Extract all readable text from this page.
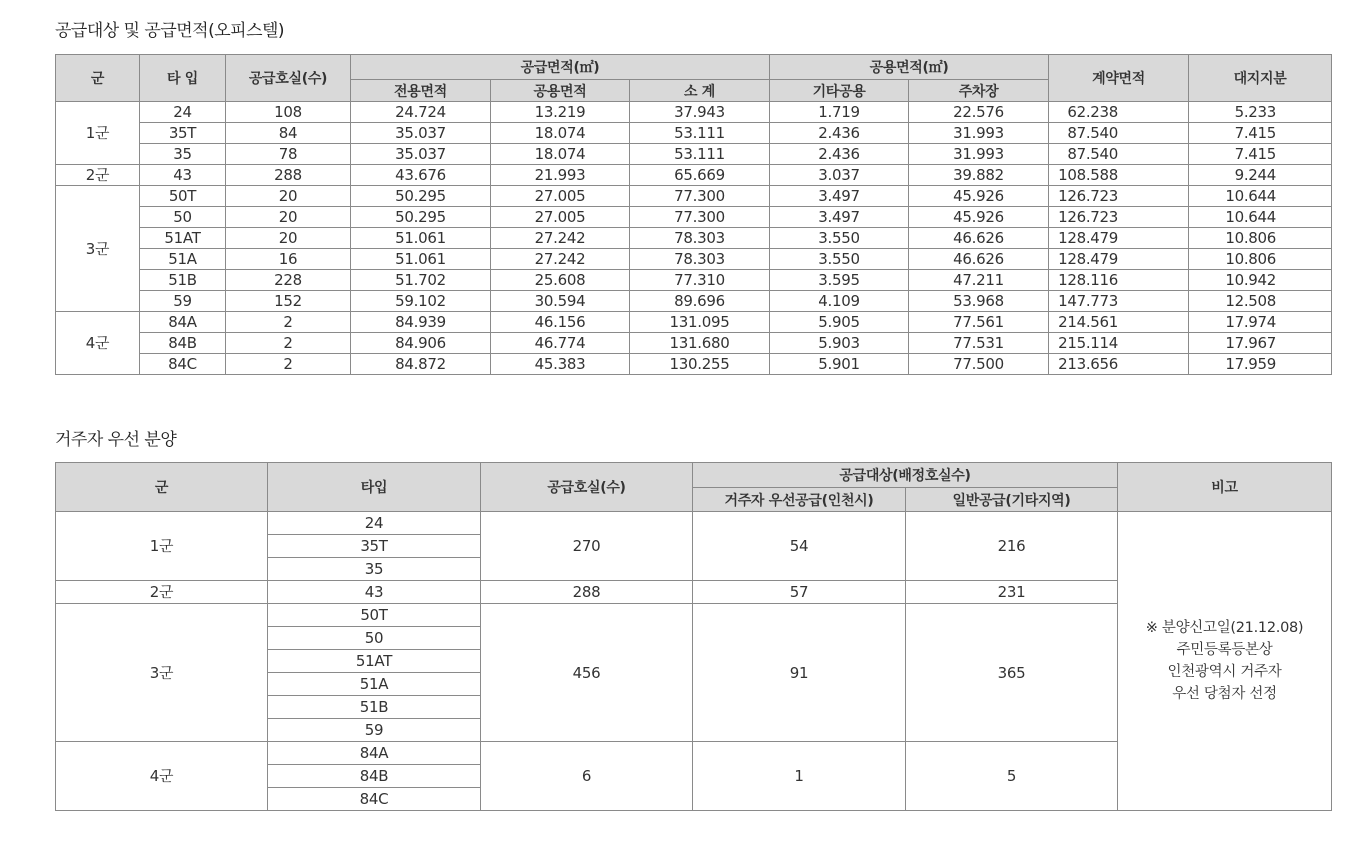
공급대상 및 공급면적(오피스텔)
군	타 입	공급호실(수)	공급면적(㎡)			공용면적(㎡)		계약면적	대지지분
			전용면적	공용면적	소 계	기타공용	주차장		
1군	24	108	24.724	13.219	37.943	1.719	22.576	62.238	5.233
	35T	84	35.037	18.074	53.111	2.436	31.993	87.540	7.415
	35	78	35.037	18.074	53.111	2.436	31.993	87.540	7.415
2군	43	288	43.676	21.993	65.669	3.037	39.882	108.588	9.244
3군	50T	20	50.295	27.005	77.300	3.497	45.926	126.723	10.644
	50	20	50.295	27.005	77.300	3.497	45.926	126.723	10.644
	51AT	20	51.061	27.242	78.303	3.550	46.626	128.479	10.806
	51A	16	51.061	27.242	78.303	3.550	46.626	128.479	10.806
	51B	228	51.702	25.608	77.310	3.595	47.211	128.116	10.942
	59	152	59.102	30.594	89.696	4.109	53.968	147.773	12.508
4군	84A	2	84.939	46.156	131.095	5.905	77.561	214.561	17.974
	84B	2	84.906	46.774	131.680	5.903	77.531	215.114	17.967
	84C	2	84.872	45.383	130.255	5.901	77.500	213.656	17.959
거주자 우선 분양
군	타입	공급호실(수)	공급대상(배정호실수)		비고
			거주자 우선공급(인천시)	일반공급(기타지역)	
1군	24	270	54	216	※ 분양신고일(21.12.08)
주민등록등본상
인천광역시 거주자
우선 당첨자 선정

	35T				
	35				
2군	43	288	57	231	
3군	50T	456	91	365	
	50				
	51AT				
	51A				
	51B				
	59				
4군	84A	6	1	5	
	84B				
	84C				
